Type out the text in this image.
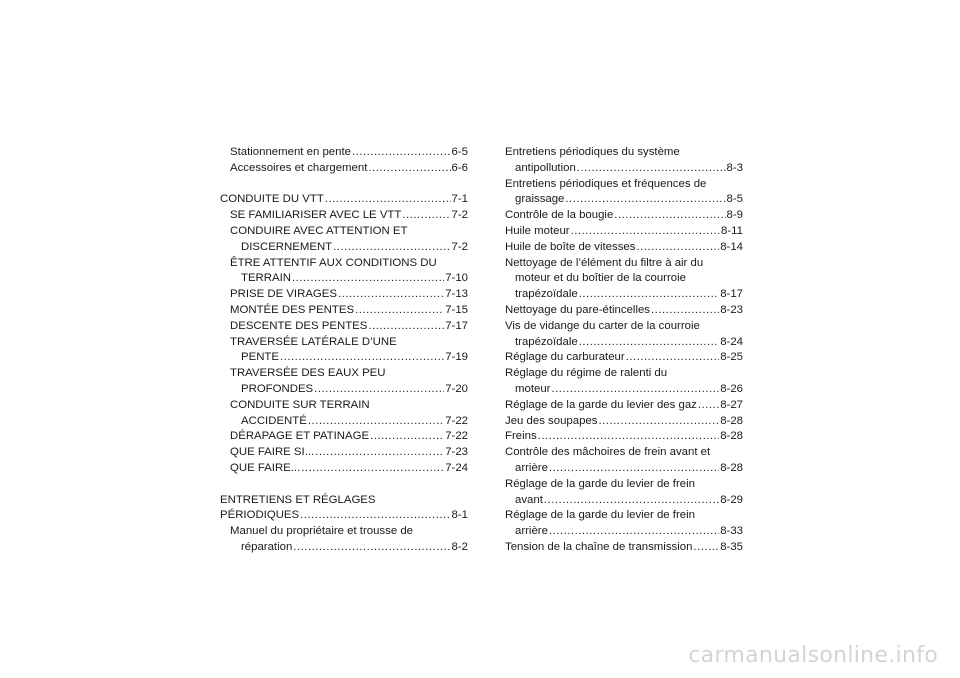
Stationnement en pente .....	6-5
Accessoires et chargement .....	6-6
CONDUITE DU VTT .....	7-1
SE FAMILIARISER AVEC LE VTT .....	7-2
CONDUIRE AVEC ATTENTION ET
DISCERNEMENT .....	7-2
ÊTRE ATTENTIF AUX CONDITIONS DU
TERRAIN .....	7-10
PRISE DE VIRAGES .....	7-13
MONTÉE DES PENTES .....	7-15
DESCENTE DES PENTES .....	7-17
TRAVERSÉE LATÉRALE D’UNE
PENTE .....	7-19
TRAVERSÉE DES EAUX PEU
PROFONDES .....	7-20
CONDUITE SUR TERRAIN
ACCIDENTÉ .....	7-22
DÉRAPAGE ET PATINAGE .....	7-22
QUE FAIRE SI... .....	7-23
QUE FAIRE... .....	7-24
ENTRETIENS ET RÉGLAGES
PÉRIODIQUES .....	8-1
Manuel du propriétaire et trousse de
réparation .....	8-2
Entretiens périodiques du système
antipollution .....	8-3
Entretiens périodiques et fréquences de
graissage .....	8-5
Contrôle de la bougie .....	8-9
Huile moteur .....	8-11
Huile de boîte de vitesses .....	8-14
Nettoyage de l’élément du filtre à air du
moteur et du boîtier de la courroie
trapézoïdale .....	8-17
Nettoyage du pare-étincelles .....	8-23
Vis de vidange du carter de la courroie
trapézoïdale .....	8-24
Réglage du carburateur .....	8-25
Réglage du régime de ralenti du
moteur .....	8-26
Réglage de la garde du levier des gaz ..... 8-27
Jeu des soupapes .....	8-28
Freins .....	8-28
Contrôle des mâchoires de frein avant et
arrière .....	8-28
Réglage de la garde du levier de frein
avant .....	8-29
Réglage de la garde du levier de frein
arrière .....	8-33
Tension de la chaîne de transmission ..... 8-35
carmanualsonline.info
